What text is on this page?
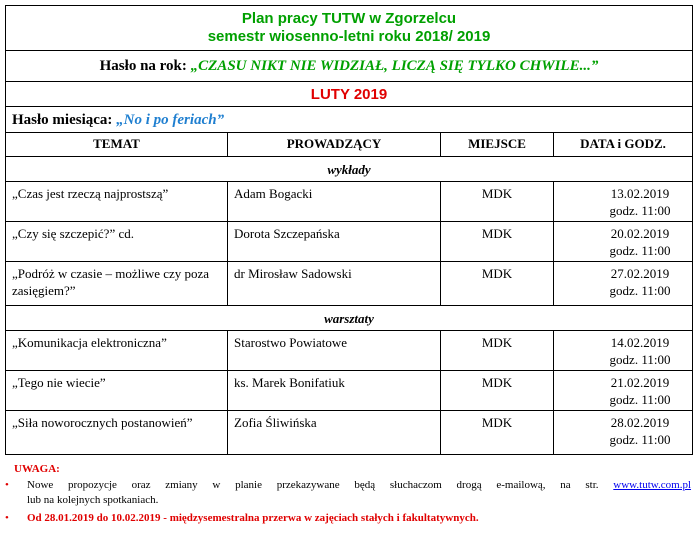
Plan pracy TUTW w Zgorzelcu
semestr wiosenno-letni roku 2018/ 2019
Hasło na rok: „CZASU NIKT NIE WIDZIAŁ, LICZĄ SIĘ TYLKO CHWILE...”
LUTY 2019
Hasło miesiąca: „No i po feriach”
TEMAT	PROWADZĄCY	MIEJSCE	DATA i GODZ.
wykłady
„Czas jest rzeczą najprostszą”	Adam Bogacki	MDK	13.02.2019
godz. 11:00
„Czy się szczepić?” cd.	Dorota Szczepańska	MDK	20.02.2019
godz. 11:00
„Podróż w czasie – możliwe czy poza zasięgiem?”
dr Mirosław Sadowski	MDK	27.02.2019
godz. 11:00
warsztaty
„Komunikacja elektroniczna”	Starostwo Powiatowe	MDK	14.02.2019
godz. 11:00
„Tego nie wiecie”	ks. Marek Bonifatiuk	MDK	21.02.2019
godz. 11:00
„Siła noworocznych postanowień”	Zofia Śliwińska	MDK	28.02.2019
godz. 11:00
UWAGA:
•	Nowe propozycje oraz zmiany w planie przekazywane będą słuchaczom drogą e-mailową, na str. www.tutw.com.pl
lub na kolejnych spotkaniach.
• Od 28.01.2019 do 10.02.2019 - międzysemestralna przerwa w zajęciach stałych i fakultatywnych.
